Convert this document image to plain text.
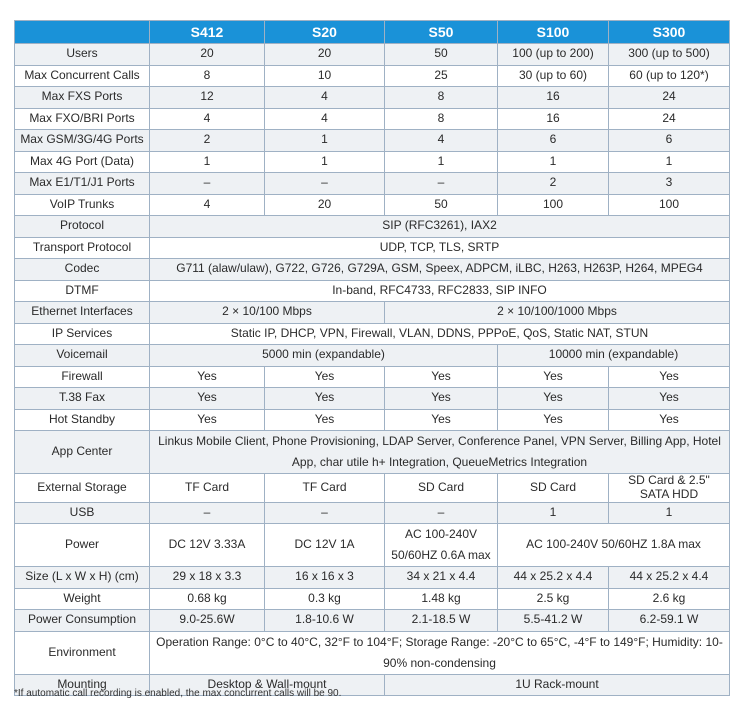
	S412	S20	S50	S100	S300
Users	20	20	50	100 (up to 200)	300 (up to 500)
Max Concurrent Calls	8	10	25	30 (up to 60)	60 (up to 120*)
Max FXS Ports	12	4	8	16	24
Max FXO/BRI Ports	4	4	8	16	24
Max GSM/3G/4G Ports	2	1	4	6	6
Max 4G Port (Data)	1	1	1	1	1
Max E1/T1/J1 Ports	–	–	–	2	3
VoIP Trunks	4	20	50	100	100
Protocol	SIP (RFC3261), IAX2				
Transport Protocol	UDP, TCP, TLS, SRTP				
Codec	G711 (alaw/ulaw), G722, G726, G729A, GSM, Speex, ADPCM, iLBC, H263, H263P, H264, MPEG4				
DTMF	In-band, RFC4733, RFC2833, SIP INFO				
Ethernet Interfaces	2 × 10/100 Mbps		2 × 10/100/1000 Mbps		
IP Services	Static IP, DHCP, VPN, Firewall, VLAN, DDNS, PPPoE, QoS, Static NAT, STUN				
Voicemail	5000 min (expandable)			10000 min (expandable)	
Firewall	Yes	Yes	Yes	Yes	Yes
T.38 Fax	Yes	Yes	Yes	Yes	Yes
Hot Standby	Yes	Yes	Yes	Yes	Yes
App Center	Linkus Mobile Client, Phone Provisioning, LDAP Server, Conference Panel, VPN Server, Billing App, Hotel App, char utile h+ Integration, QueueMetrics Integration				
External Storage	TF Card	TF Card	SD Card	SD Card	SD Card & 2.5" SATA HDD
USB	–	–	–	1	1
Power	DC 12V 3.33A	DC 12V 1A	AC 100-240V 50/60HZ 0.6A max	AC 100-240V 50/60HZ 1.8A max	
Size (L x W x H) (cm)	29 x 18 x 3.3	16 x 16 x 3	34 x 21 x 4.4	44 x 25.2 x 4.4	44 x 25.2 x 4.4
Weight	0.68 kg	0.3 kg	1.48 kg	2.5 kg	2.6 kg
Power Consumption	9.0-25.6W	1.8-10.6 W	2.1-18.5 W	5.5-41.2 W	6.2-59.1 W
Environment	Operation Range: 0°C to 40°C, 32°F to 104°F; Storage Range: -20°C to 65°C, -4°F to 149°F; Humidity: 10-90% non-condensing				
Mounting	Desktop & Wall-mount		1U Rack-mount		
*If automatic call recording is enabled, the max concurrent calls will be 90.
